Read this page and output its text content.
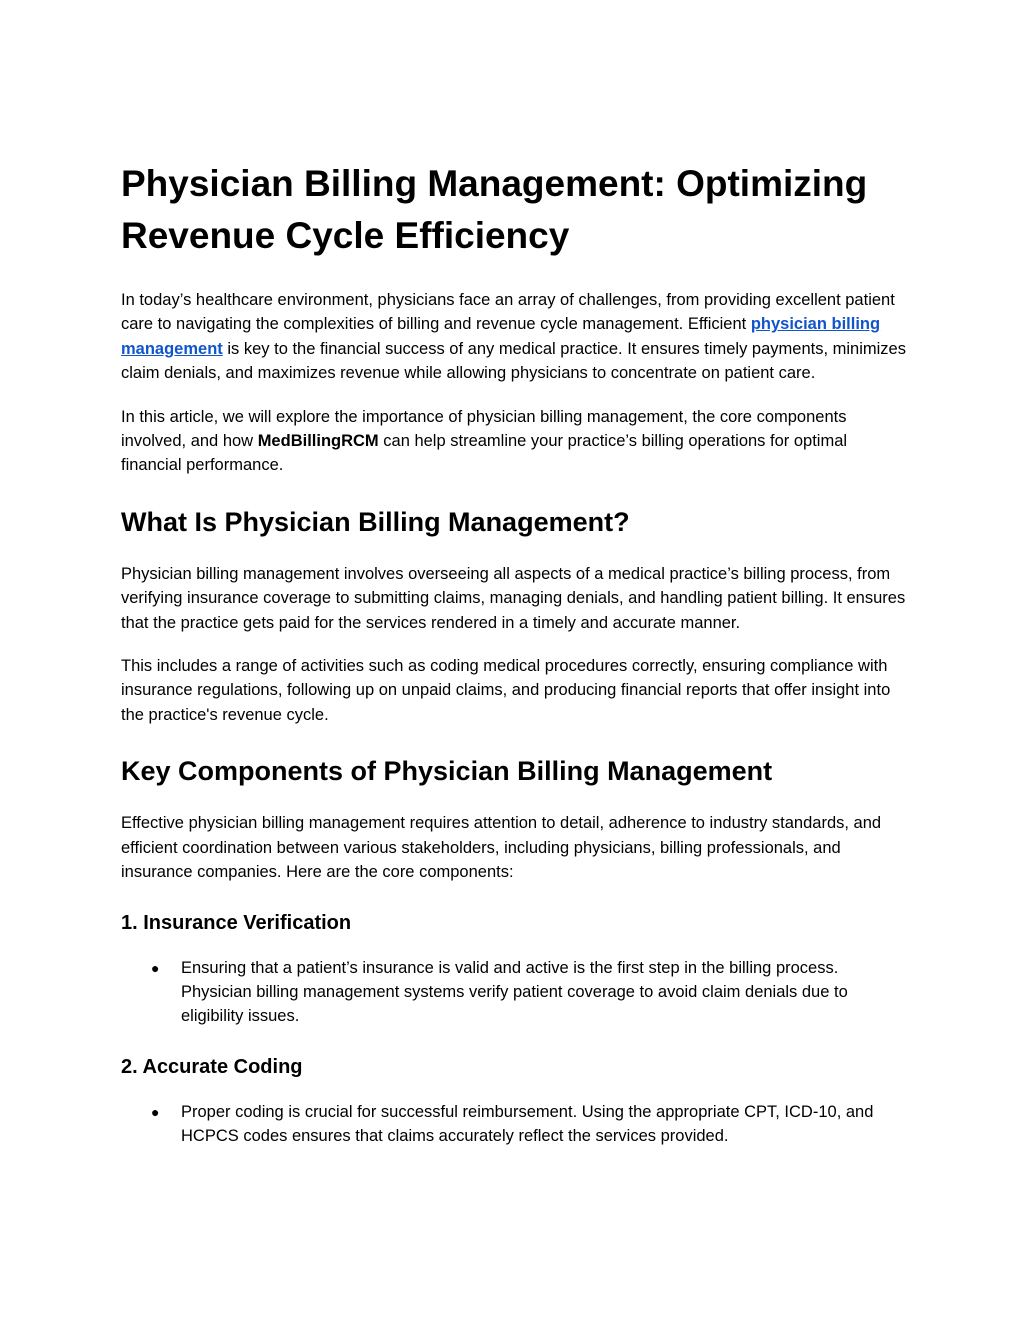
Physician Billing Management: Optimizing Revenue Cycle Efficiency

In today’s healthcare environment, physicians face an array of challenges, from providing excellent patient care to navigating the complexities of billing and revenue cycle management. Efficient physician billing management is key to the financial success of any medical practice. It ensures timely payments, minimizes claim denials, and maximizes revenue while allowing physicians to concentrate on patient care.

In this article, we will explore the importance of physician billing management, the core components involved, and how MedBillingRCM can help streamline your practice’s billing operations for optimal financial performance.

What Is Physician Billing Management?

Physician billing management involves overseeing all aspects of a medical practice’s billing process, from verifying insurance coverage to submitting claims, managing denials, and handling patient billing. It ensures that the practice gets paid for the services rendered in a timely and accurate manner.

This includes a range of activities such as coding medical procedures correctly, ensuring compliance with insurance regulations, following up on unpaid claims, and producing financial reports that offer insight into the practice's revenue cycle.

Key Components of Physician Billing Management

Effective physician billing management requires attention to detail, adherence to industry standards, and efficient coordination between various stakeholders, including physicians, billing professionals, and insurance companies. Here are the core components:

1. Insurance Verification
● Ensuring that a patient’s insurance is valid and active is the first step in the billing process. Physician billing management systems verify patient coverage to avoid claim denials due to eligibility issues.
2. Accurate Coding
● Proper coding is crucial for successful reimbursement. Using the appropriate CPT, ICD-10, and HCPCS codes ensures that claims accurately reflect the services provided.
